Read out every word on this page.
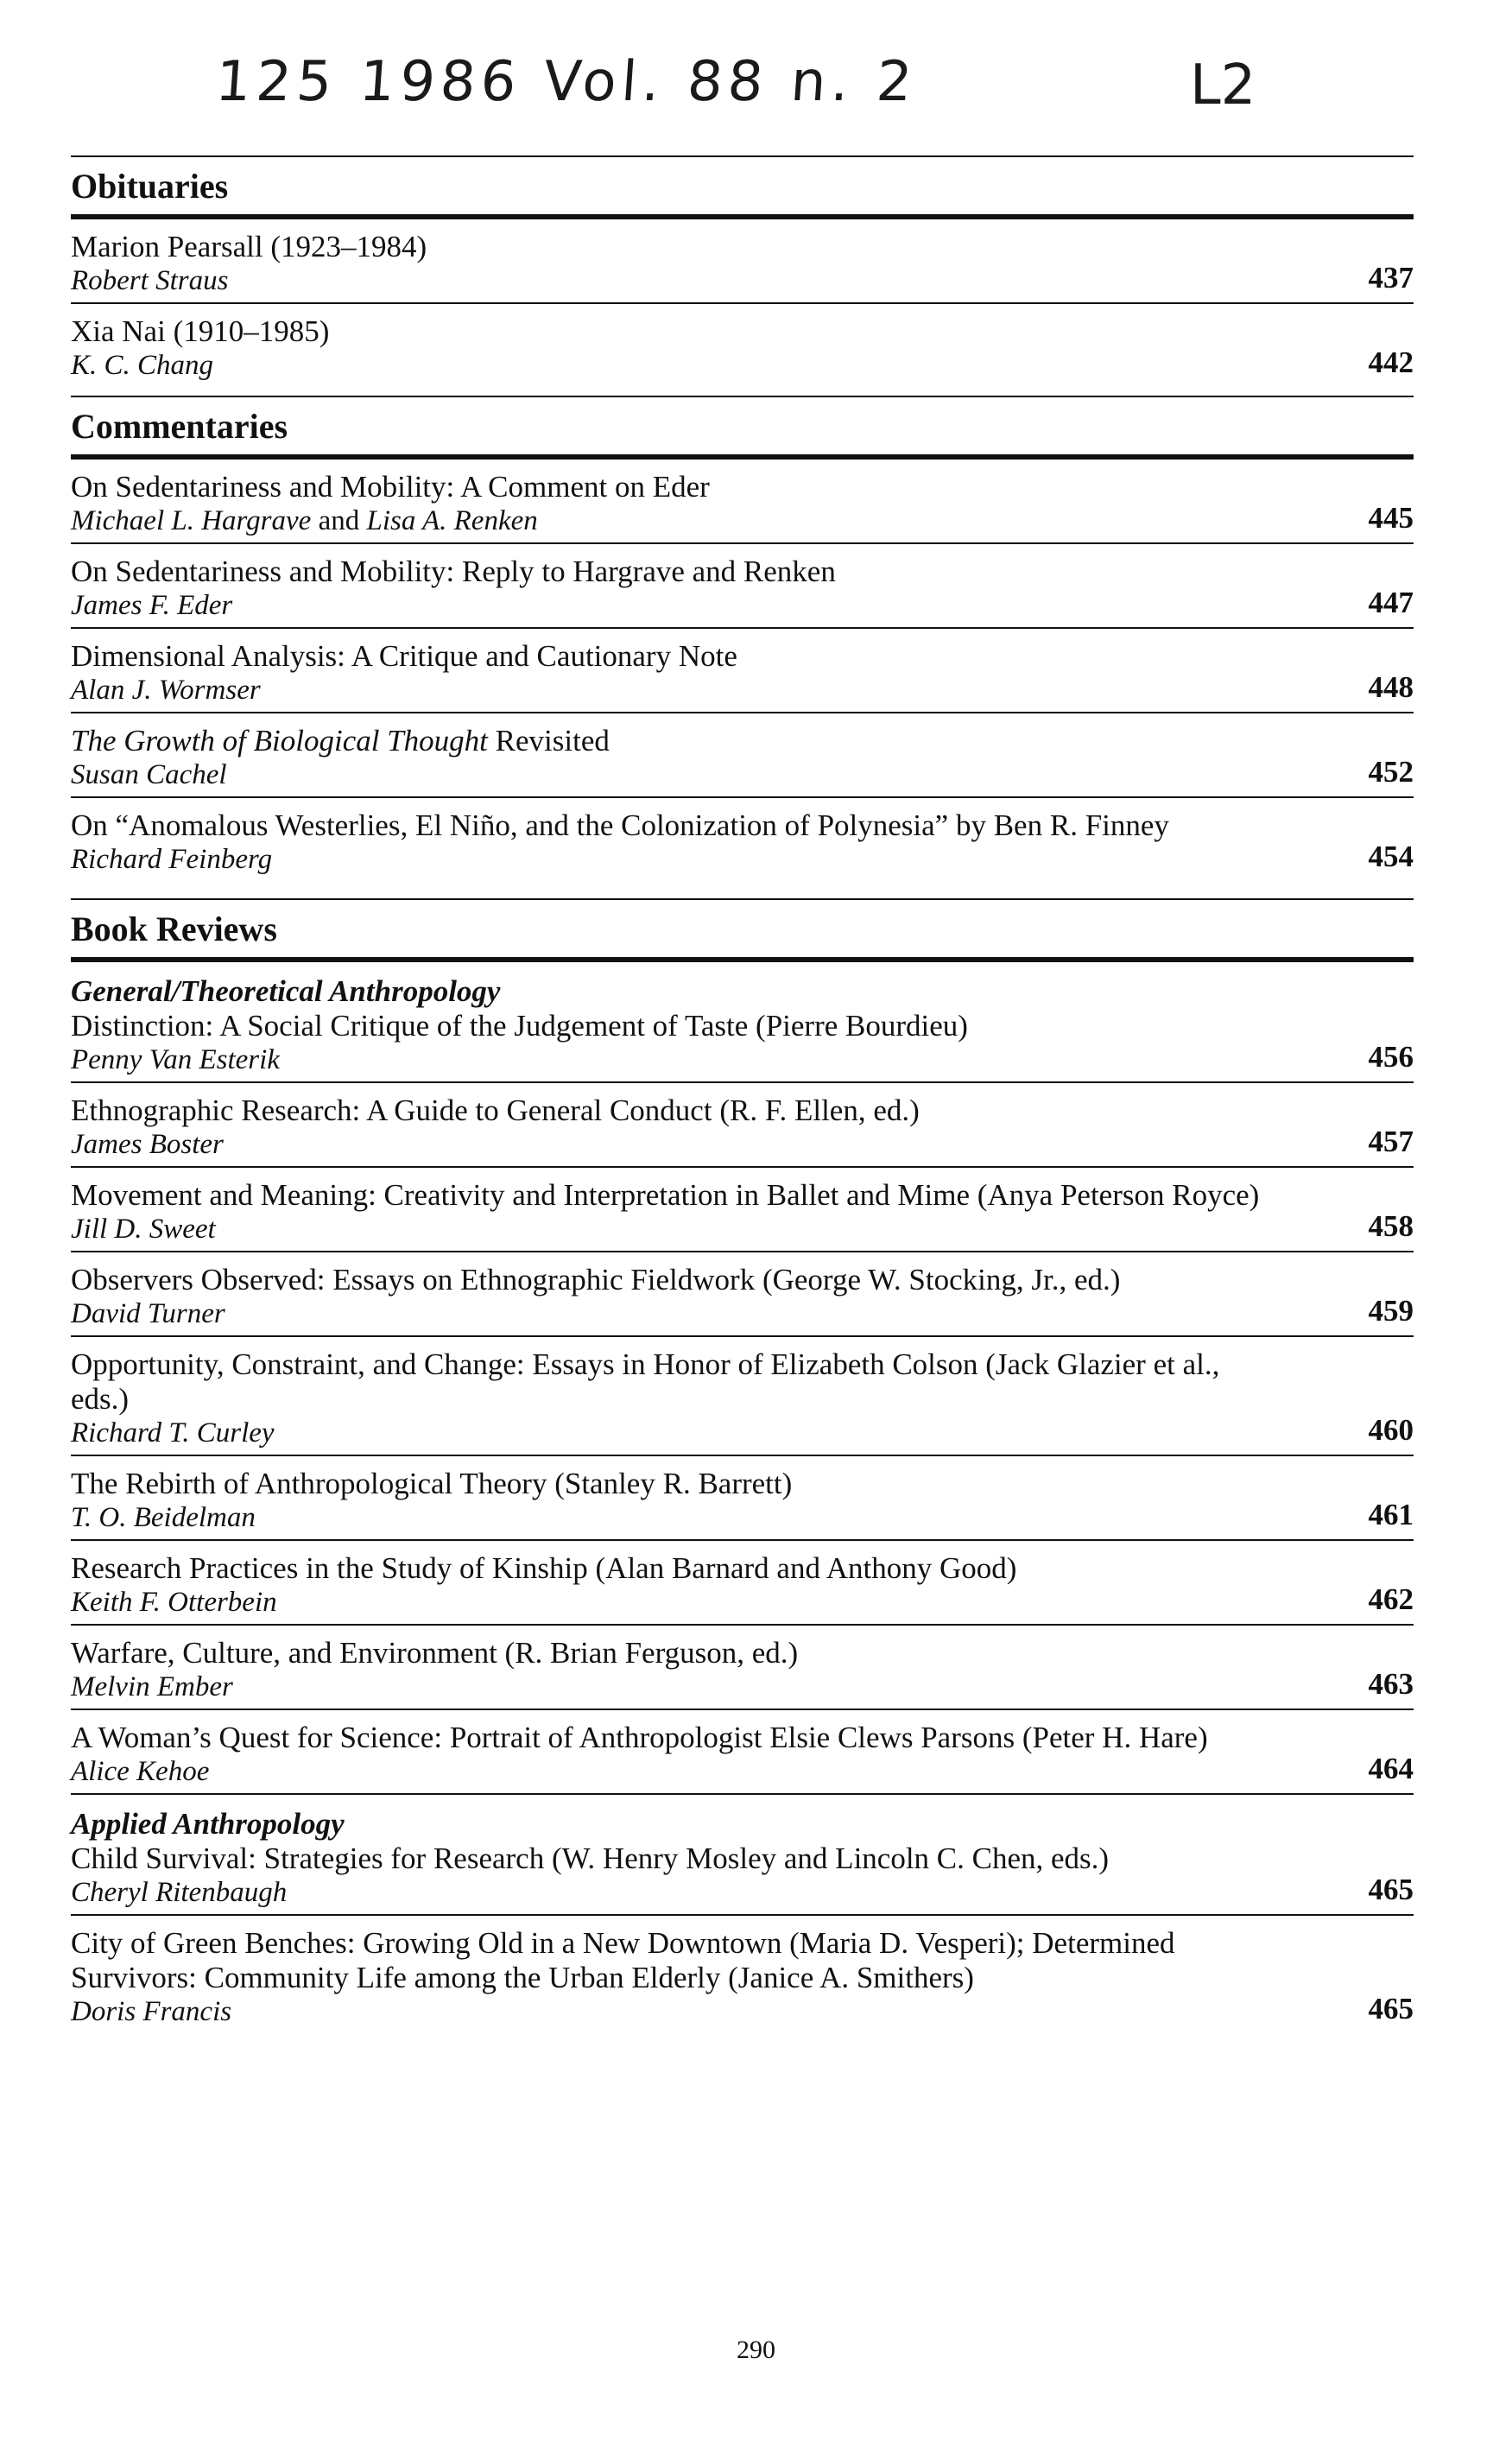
125 1986 Vol. 88 n. 2	L2
Obituaries
Marion Pearsall (1923–1984)
Robert Straus	437
Xia Nai (1910–1985)
K. C. Chang	442
Commentaries
On Sedentariness and Mobility: A Comment on Eder
Michael L. Hargrave and Lisa A. Renken	445
On Sedentariness and Mobility: Reply to Hargrave and Renken
James F. Eder	447
Dimensional Analysis: A Critique and Cautionary Note
Alan J. Wormser	448
The Growth of Biological Thought Revisited
Susan Cachel	452
On “Anomalous Westerlies, El Niño, and the Colonization of Polynesia” by Ben R. Finney
Richard Feinberg	454
Book Reviews
General/Theoretical Anthropology
Distinction: A Social Critique of the Judgement of Taste (Pierre Bourdieu)
Penny Van Esterik	456
Ethnographic Research: A Guide to General Conduct (R. F. Ellen, ed.)
James Boster	457
Movement and Meaning: Creativity and Interpretation in Ballet and Mime (Anya Peterson Royce)
Jill D. Sweet	458
Observers Observed: Essays on Ethnographic Fieldwork (George W. Stocking, Jr., ed.)
David Turner	459
Opportunity, Constraint, and Change: Essays in Honor of Elizabeth Colson (Jack Glazier et al., eds.)
Richard T. Curley	460
The Rebirth of Anthropological Theory (Stanley R. Barrett)
T. O. Beidelman	461
Research Practices in the Study of Kinship (Alan Barnard and Anthony Good)
Keith F. Otterbein	462
Warfare, Culture, and Environment (R. Brian Ferguson, ed.)
Melvin Ember	463
A Woman’s Quest for Science: Portrait of Anthropologist Elsie Clews Parsons (Peter H. Hare)
Alice Kehoe	464
Applied Anthropology
Child Survival: Strategies for Research (W. Henry Mosley and Lincoln C. Chen, eds.)
Cheryl Ritenbaugh	465
City of Green Benches: Growing Old in a New Downtown (Maria D. Vesperi); Determined Survivors: Community Life among the Urban Elderly (Janice A. Smithers)
Doris Francis	465
290
